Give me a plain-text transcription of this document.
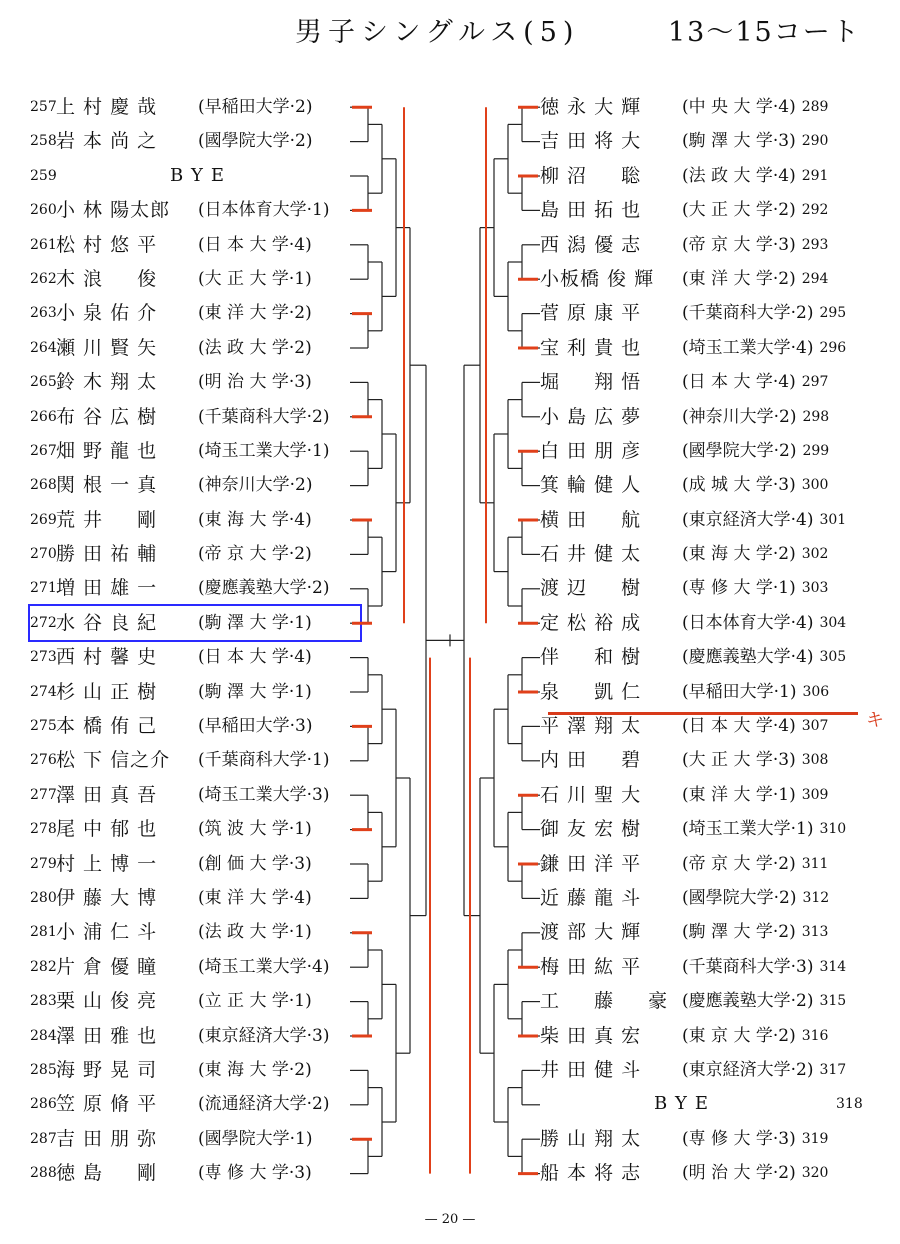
男子シングルス(5)	13〜15コート
257 上 村 慶 哉	(早稲田大学·2)
258 岩 本 尚 之	(國學院大学·2)
259	BYE
260 小 林 陽太郎	(日本体育大学·1)
261 松 村 悠 平	(日 本 大 学·4)
262 木 浪 　 俊	(大 正 大 学·1)
263 小 泉 佑 介	(東 洋 大 学·2)
264 瀬 川 賢 矢	(法 政 大 学·2)
265 鈴 木 翔 太	(明 治 大 学·3)
266 布 谷 広 樹	(千葉商科大学·2)
267 畑 野 龍 也	(埼玉工業大学·1)
268 関 根 一 真	(神奈川大学·2)
269 荒 井 　 剛	(東 海 大 学·4)
270 勝 田 祐 輔	(帝 京 大 学·2)
271 増 田 雄 一	(慶應義塾大学·2)
272 水 谷 良 紀	(駒 澤 大 学·1)
273 西 村 馨 史	(日 本 大 学·4)
274 杉 山 正 樹	(駒 澤 大 学·1)
275 本 橋 侑 己	(早稲田大学·3)
276 松 下 信之介	(千葉商科大学·1)
277 澤 田 真 吾	(埼玉工業大学·3)
278 尾 中 郁 也	(筑 波 大 学·1)
279 村 上 博 一	(創 価 大 学·3)
280 伊 藤 大 博	(東 洋 大 学·4)
281 小 浦 仁 斗	(法 政 大 学·1)
282 片 倉 優 瞳	(埼玉工業大学·4)
283 栗 山 俊 亮	(立 正 大 学·1)
284 澤 田 雅 也	(東京経済大学·3)
285 海 野 晃 司	(東 海 大 学·2)
286 笠 原 脩 平	(流通経済大学·2)
287 吉 田 朋 弥	(國學院大学·1)
288 徳 島 　 剛	(専 修 大 学·3)
徳 永 大 輝	(中 央 大 学·4) 289
吉 田 将 大	(駒 澤 大 学·3) 290
柳 沼 　 聡	(法 政 大 学·4) 291
島 田 拓 也	(大 正 大 学·2) 292
西 潟 優 志	(帝 京 大 学·3) 293
小板橋 俊 輝	(東 洋 大 学·2) 294
菅 原 康 平	(千葉商科大学·2) 295
宝 利 貴 也	(埼玉工業大学·4) 296
堀 　 翔 悟	(日 本 大 学·4) 297
小 島 広 夢	(神奈川大学·2) 298
白 田 朋 彦	(國學院大学·2) 299
箕 輪 健 人	(成 城 大 学·3) 300
横 田 　 航	(東京経済大学·4) 301
石 井 健 太	(東 海 大 学·2) 302
渡 辺 　 樹	(専 修 大 学·1) 303
定 松 裕 成	(日本体育大学·4) 304
伴 　 和 樹	(慶應義塾大学·4) 305
泉 　 凱 仁	(早稲田大学·1) 306
平 澤 翔 太	(日 本 大 学·4) 307
内 田 　 碧	(大 正 大 学·3) 308
石 川 聖 大	(東 洋 大 学·1) 309
御 友 宏 樹	(埼玉工業大学·1) 310
鎌 田 洋 平	(帝 京 大 学·2) 311
近 藤 龍 斗	(國學院大学·2) 312
渡 部 大 輝	(駒 澤 大 学·2) 313
梅 田 紘 平	(千葉商科大学·3) 314
工 　 藤 　 豪 (慶應義塾大学·2) 315
柴 田 真 宏	(東 京 大 学·2) 316
井 田 健 斗	(東京経済大学·2) 317
BYE	318
勝 山 翔 太	(専 修 大 学·3) 319
船 本 将 志	(明 治 大 学·2) 320
キ
— 20 —
